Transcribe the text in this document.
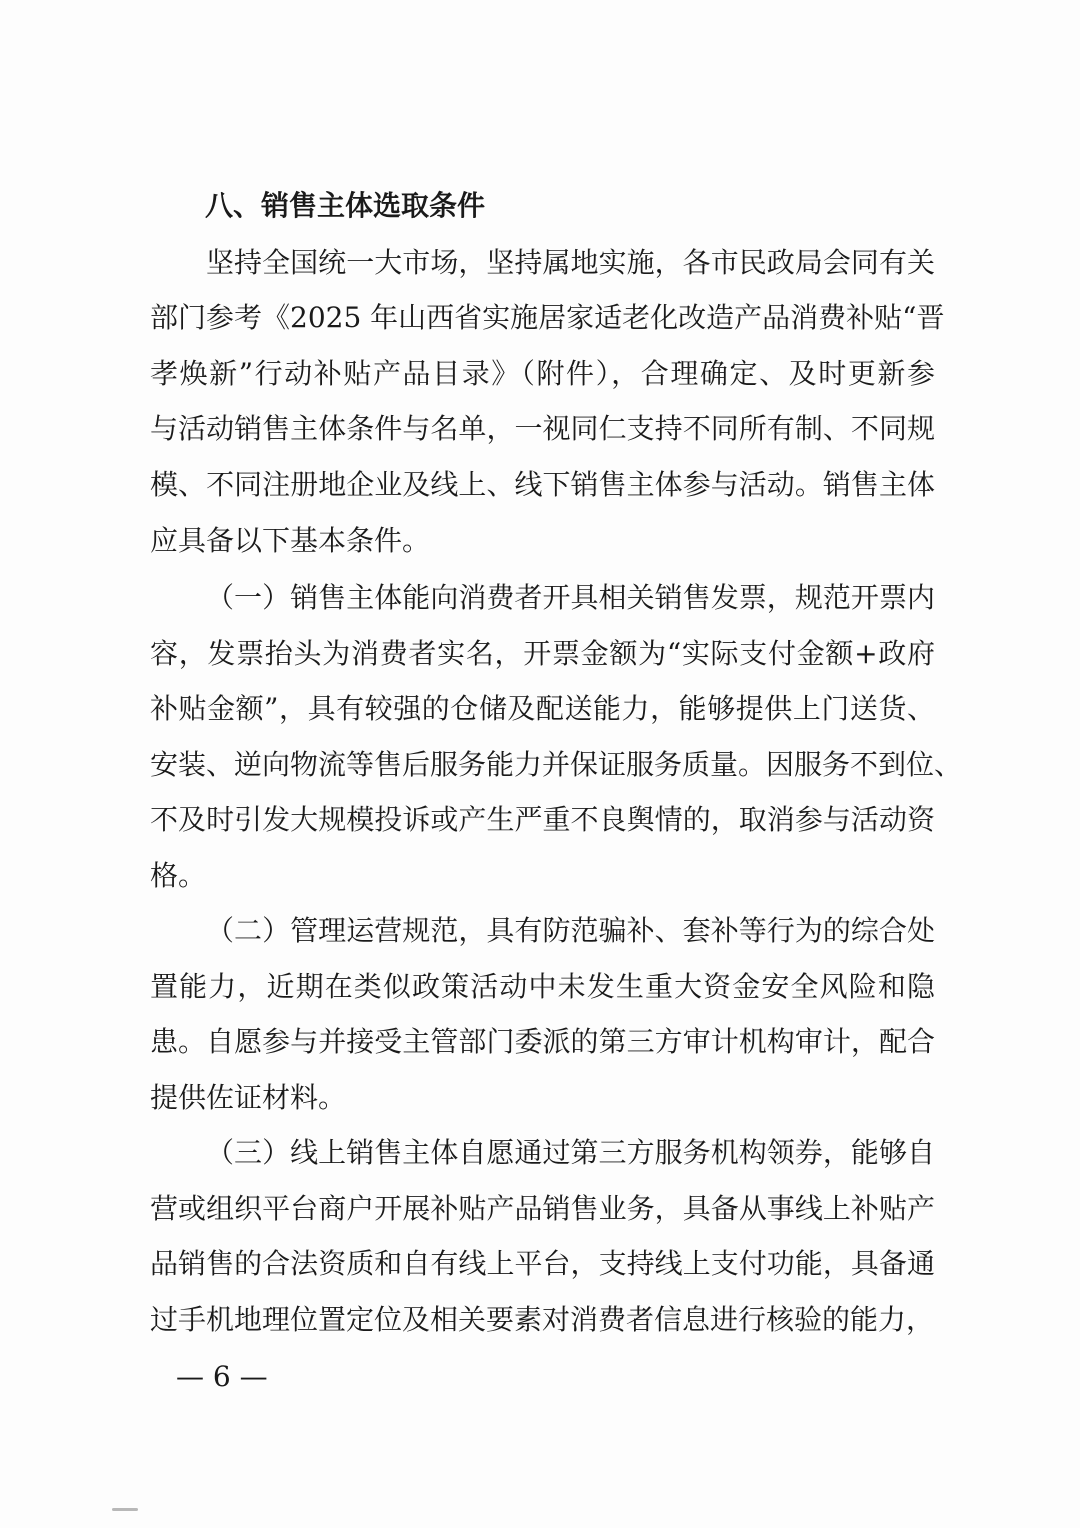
八、销售主体选取条件
坚持全国统一大市场，坚持属地实施，各市民政局会同有关
部门参考《2025 年山西省实施居家适老化改造产品消费补贴“晋
孝焕新”行动补贴产品目录》（附件），合理确定、及时更新参
与活动销售主体条件与名单，一视同仁支持不同所有制、不同规
模、不同注册地企业及线上、线下销售主体参与活动。销售主体
应具备以下基本条件。
（一）销售主体能向消费者开具相关销售发票，规范开票内
容，发票抬头为消费者实名，开票金额为“实际支付金额+政府
补贴金额”，具有较强的仓储及配送能力，能够提供上门送货、
安装、逆向物流等售后服务能力并保证服务质量。因服务不到位、
不及时引发大规模投诉或产生严重不良舆情的，取消参与活动资
格。
（二）管理运营规范，具有防范骗补、套补等行为的综合处
置能力，近期在类似政策活动中未发生重大资金安全风险和隐
患。自愿参与并接受主管部门委派的第三方审计机构审计，配合
提供佐证材料。
（三）线上销售主体自愿通过第三方服务机构领券，能够自
营或组织平台商户开展补贴产品销售业务，具备从事线上补贴产
品销售的合法资质和自有线上平台，支持线上支付功能，具备通
过手机地理位置定位及相关要素对消费者信息进行核验的能力，
— 6 —
